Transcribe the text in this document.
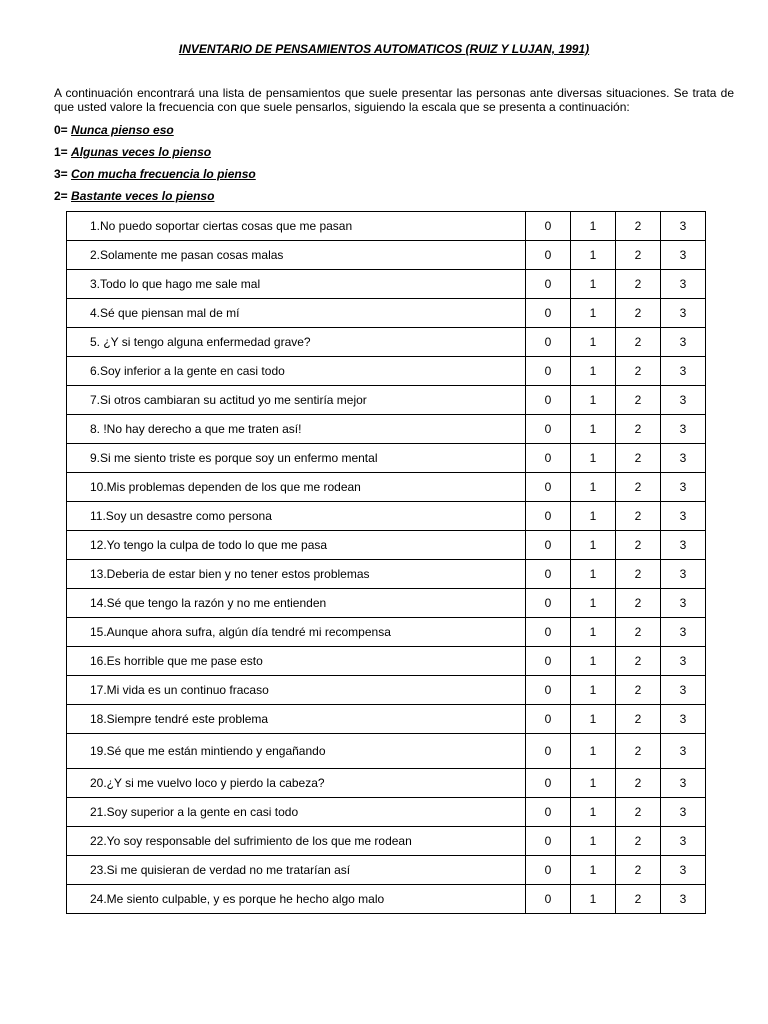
INVENTARIO DE PENSAMIENTOS AUTOMATICOS (RUIZ Y LUJAN, 1991)

A continuación encontrará una lista de pensamientos que suele presentar las personas ante diversas situaciones. Se trata de que usted valore la frecuencia con que suele pensarlos, siguiendo la escala que se presenta a continuación:

0= Nunca pienso eso

1= Algunas veces lo pienso

3= Con mucha frecuencia lo pienso

2= Bastante veces lo pienso

1.No puedo soportar ciertas cosas que me pasan	0	1	2	3
2.Solamente me pasan cosas malas	0	1	2	3
3.Todo lo que hago me sale mal	0	1	2	3
4.Sé que piensan mal de mí	0	1	2	3
5. ¿Y si tengo alguna enfermedad grave?	0	1	2	3
6.Soy inferior a la gente en casi todo	0	1	2	3
7.Si otros cambiaran su actitud yo me sentiría mejor	0	1	2	3
8. !No hay derecho a que me traten así!	0	1	2	3
9.Si me siento triste es porque soy un enfermo mental	0	1	2	3
10.Mis problemas dependen de los que me rodean	0	1	2	3
11.Soy un desastre como persona	0	1	2	3
12.Yo tengo la culpa de todo lo que me pasa	0	1	2	3
13.Deberia de estar bien y no tener estos problemas	0	1	2	3
14.Sé que tengo la razón y no me entienden	0	1	2	3
15.Aunque ahora sufra, algún día tendré mi recompensa	0	1	2	3
16.Es horrible que me pase esto	0	1	2	3
17.Mi vida es un continuo fracaso	0	1	2	3
18.Siempre tendré este problema	0	1	2	3
19.Sé que me están mintiendo y engañando	0	1	2	3
20.¿Y si me vuelvo loco y pierdo la cabeza?	0	1	2	3
21.Soy superior a la gente en casi todo	0	1	2	3
22.Yo soy responsable del sufrimiento de los que me rodean	0	1	2	3
23.Si me quisieran de verdad no me tratarían así	0	1	2	3
24.Me siento culpable, y es porque he hecho algo malo	0	1	2	3
